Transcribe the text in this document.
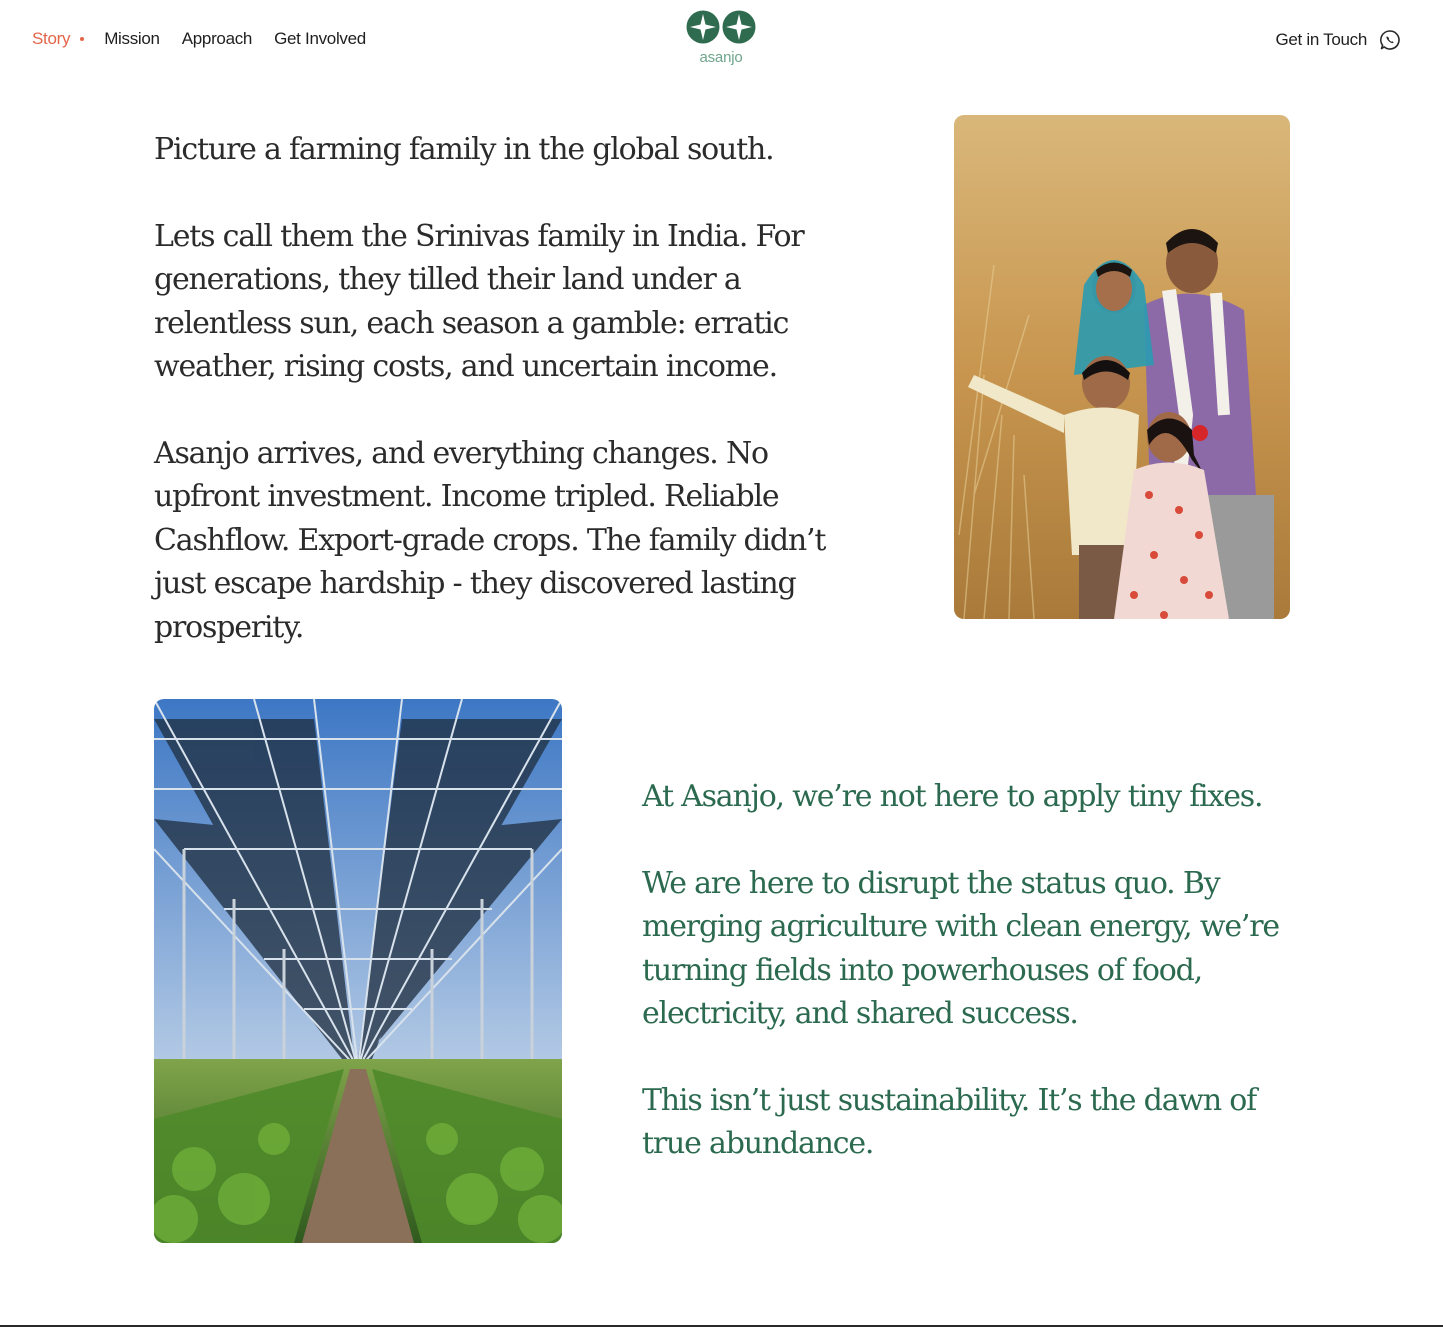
Story Mission Approach Get Involved
asanjo
Get in Touch

Picture a farming family in the global south.

Lets call them the Srinivas family in India. For generations, they tilled their land under a relentless sun, each season a gamble: erratic weather, rising costs, and uncertain income.

Asanjo arrives, and everything changes. No upfront investment. Income tripled. Reliable Cashflow. Export-grade crops. The family didn’t just escape hardship - they discovered lasting prosperity.

At Asanjo, we’re not here to apply tiny fixes.

We are here to disrupt the status quo. By merging agriculture with clean energy, we’re turning fields into powerhouses of food, electricity, and shared success.

This isn’t just sustainability. It’s the dawn of true abundance.
